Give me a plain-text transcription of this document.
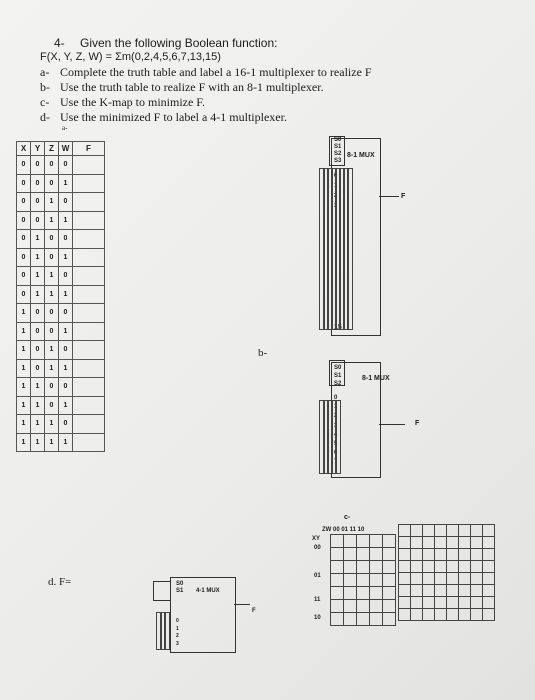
4- Given the following Boolean function:
F(X, Y, Z, W) = Σm(0,2,4,5,6,7,13,15)
a- Complete the truth table and label a 16-1 multiplexer to realize F
b- Use the truth table to realize F with an 8-1 multiplexer.
c- Use the K-map to minimize F.
d- Use the minimized F to label a 4-1 multiplexer.
a-
X	Y	Z	W	F
0	0	0	0	
0	0	0	1	
0	0	1	0	
0	0	1	1	
0	1	0	0	
0	1	0	1	
0	1	1	0	
0	1	1	1	
1	0	0	0	
1	0	0	1	
1	0	1	0	
1	0	1	1	
1	1	0	0	
1	1	0	1	
1	1	1	0	
1	1	1	1	
S0
S1
S2
S3
8-1 MUX
0
1
2
3
15
F
b-
S0
S1
S2
8-1 MUX
0
1
2
3
4
5
6
7
F
c-
ZW 00 01 11 10
XY
00
01
11
10

d. F=	S0
S1 4-1 MUX
0
1
2
3
F
